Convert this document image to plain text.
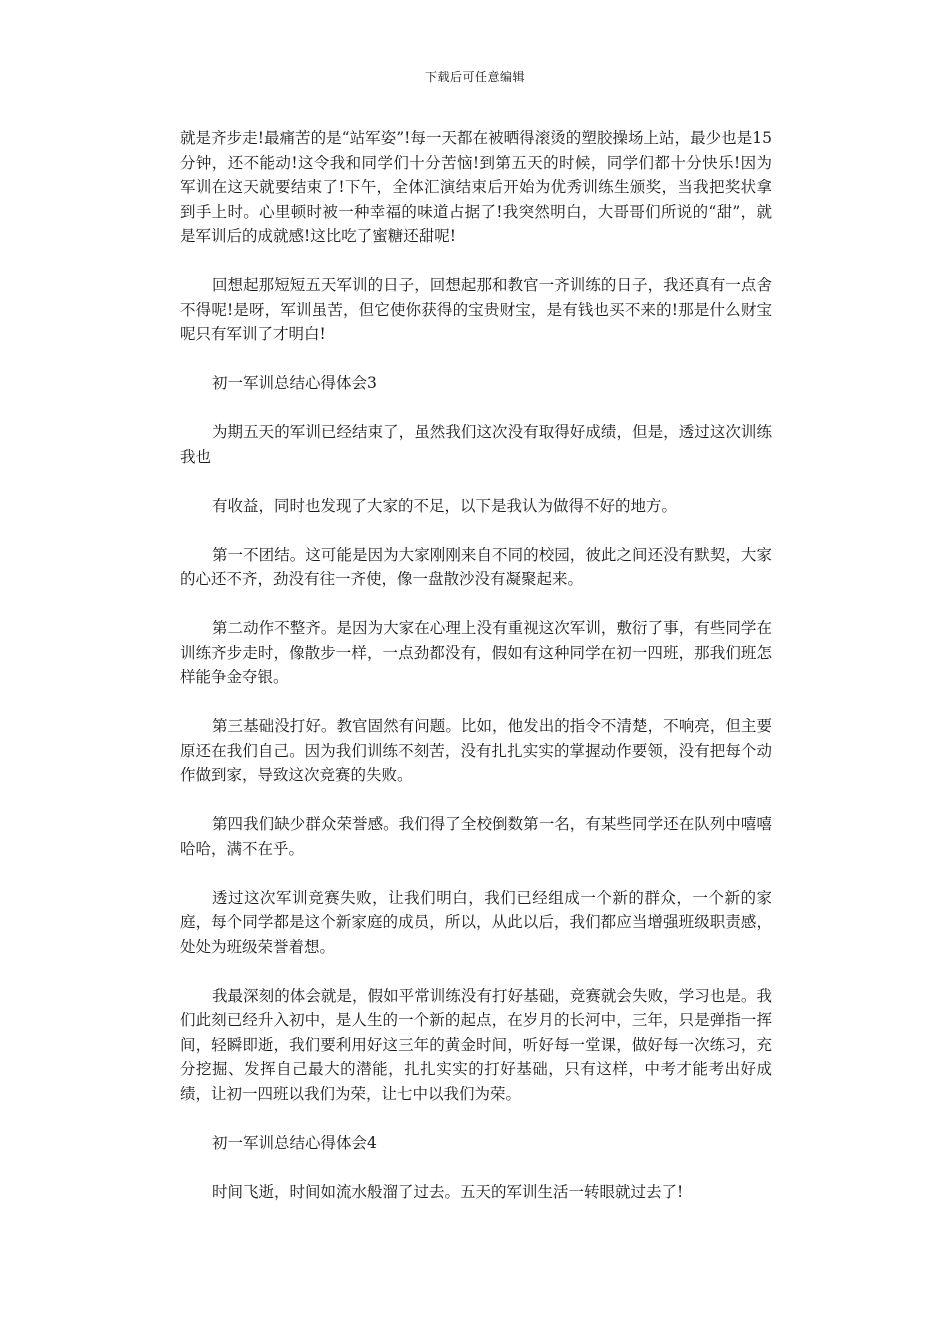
下载后可任意编辑

就是齐步走!最痛苦的是“站军姿”!每一天都在被晒得滚烫的塑胶操场上站，最少也是15分钟，还不能动!这令我和同学们十分苦恼!到第五天的时候，同学们都十分快乐!因为军训在这天就要结束了!下午，全体汇演结束后开始为优秀训练生颁奖，当我把奖状拿到手上时。心里顿时被一种幸福的味道占据了!我突然明白，大哥哥们所说的“甜”，就是军训后的成就感!这比吃了蜜糖还甜呢!

回想起那短短五天军训的日子，回想起那和教官一齐训练的日子，我还真有一点舍不得呢!是呀，军训虽苦，但它使你获得的宝贵财宝，是有钱也买不来的!那是什么财宝呢只有军训了才明白!

初一军训总结心得体会3

为期五天的军训已经结束了，虽然我们这次没有取得好成绩，但是，透过这次训练我也

有收益，同时也发现了大家的不足，以下是我认为做得不好的地方。

第一不团结。这可能是因为大家刚刚来自不同的校园，彼此之间还没有默契，大家的心还不齐，劲没有往一齐使，像一盘散沙没有凝聚起来。

第二动作不整齐。是因为大家在心理上没有重视这次军训，敷衍了事，有些同学在训练齐步走时，像散步一样，一点劲都没有，假如有这种同学在初一四班，那我们班怎样能争金夺银。

第三基础没打好。教官固然有问题。比如，他发出的指令不清楚，不响亮，但主要原还在我们自己。因为我们训练不刻苦，没有扎扎实实的掌握动作要领，没有把每个动作做到家，导致这次竞赛的失败。

第四我们缺少群众荣誉感。我们得了全校倒数第一名，有某些同学还在队列中嘻嘻哈哈，满不在乎。

透过这次军训竞赛失败，让我们明白，我们已经组成一个新的群众，一个新的家庭，每个同学都是这个新家庭的成员，所以，从此以后，我们都应当增强班级职责感，处处为班级荣誉着想。

我最深刻的体会就是，假如平常训练没有打好基础，竞赛就会失败，学习也是。我们此刻已经升入初中，是人生的一个新的起点，在岁月的长河中，三年，只是弹指一挥间，轻瞬即逝，我们要利用好这三年的黄金时间，听好每一堂课，做好每一次练习，充分挖掘、发挥自己最大的潜能，扎扎实实的打好基础，只有这样，中考才能考出好成绩，让初一四班以我们为荣，让七中以我们为荣。

初一军训总结心得体会4

时间飞逝，时间如流水般溜了过去。五天的军训生活一转眼就过去了!
